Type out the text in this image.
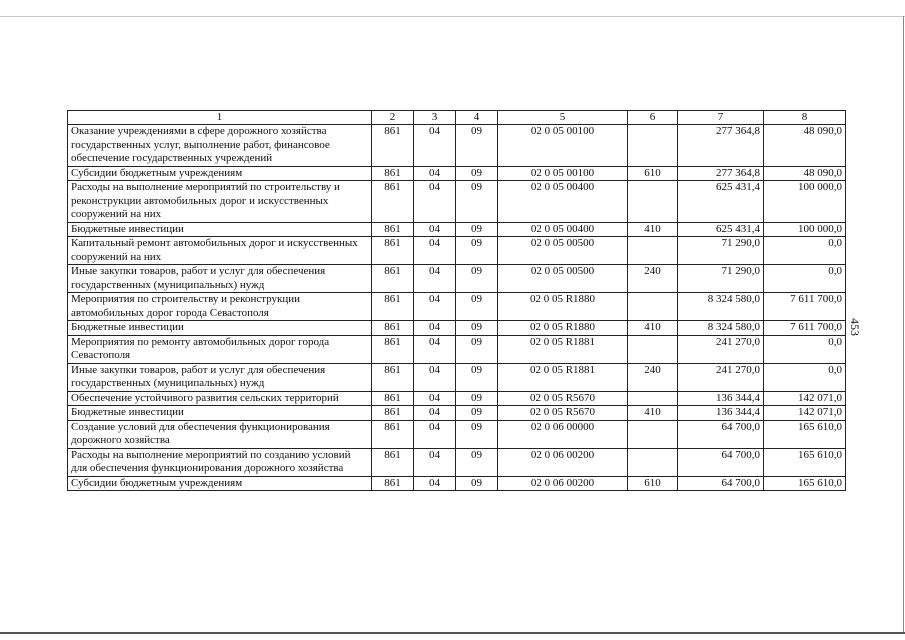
453
1	2	3	4	5	6	7	8
Оказание учреждениями в сфере дорожного хозяйства государственных услуг, выполнение работ, финансовое обеспечение государственных учреждений	861	04	09	02 0 05 00100		277 364,8	48 090,0
Субсидии бюджетным учреждениям	861	04	09	02 0 05 00100	610	277 364,8	48 090,0
Расходы на выполнение мероприятий по строительству и реконструкции автомобильных дорог и искусственных сооружений на них	861	04	09	02 0 05 00400		625 431,4	100 000,0
Бюджетные инвестиции	861	04	09	02 0 05 00400	410	625 431,4	100 000,0
Капитальный ремонт автомобильных дорог и искусственных сооружений на них	861	04	09	02 0 05 00500		71 290,0	0,0
Иные закупки товаров, работ и услуг для обеспечения государственных (муниципальных) нужд	861	04	09	02 0 05 00500	240	71 290,0	0,0
Мероприятия по строительству и реконструкции автомобильных дорог города Севастополя	861	04	09	02 0 05 R1880		8 324 580,0	7 611 700,0
Бюджетные инвестиции	861	04	09	02 0 05 R1880	410	8 324 580,0	7 611 700,0
Мероприятия по ремонту автомобильных дорог города Севастополя	861	04	09	02 0 05 R1881		241 270,0	0,0
Иные закупки товаров, работ и услуг для обеспечения государственных (муниципальных) нужд	861	04	09	02 0 05 R1881	240	241 270,0	0,0
Обеспечение устойчивого развития сельских территорий	861	04	09	02 0 05 R5670		136 344,4	142 071,0
Бюджетные инвестиции	861	04	09	02 0 05 R5670	410	136 344,4	142 071,0
Создание условий для обеспечения функционирования дорожного хозяйства	861	04	09	02 0 06 00000		64 700,0	165 610,0
Расходы на выполнение мероприятий по созданию условий для обеспечения функционирования дорожного хозяйства	861	04	09	02 0 06 00200		64 700,0	165 610,0
Субсидии бюджетным учреждениям	861	04	09	02 0 06 00200	610	64 700,0	165 610,0
